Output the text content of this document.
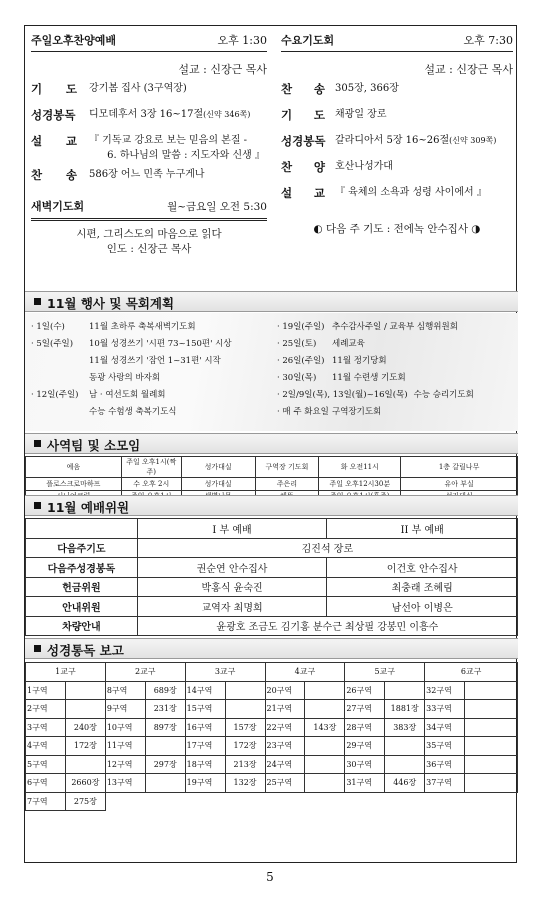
주일오후찬양예배	오후 1:30
설교 : 신장근 목사
기 도	강기봄 집사 (3구역장)
성경봉독	디모데후서 3장 16~17절(신약 346쪽)
설 교 『 기독교 강요로 보는 믿음의 본질 -
6. 하나님의 말씀 : 지도자와 신생 』
찬 송	586장 어느 민족 누구게나
새벽기도회	월~금요일 오전 5:30
시편, 그리스도의 마음으로 읽다
인도 : 신장근 목사
수요기도회	오후 7:30
설교 : 신장근 목사
찬 송	305장, 366장
기 도	채광일 장로
성경봉독 갈라디아서 5장 16~26절(신약 309쪽)
찬 양	호산나성가대
설 교	『 육체의 소욕과 성령 사이에서 』
◐ 다음 주 기도 : 전에녹 안수집사 ◑
11월 행사 및 목회계획
· 1일(수)	11월 초하루 축복새벽기도회
· 5일(주일) 10월 성경쓰기 '시편 73~150편' 시상
11월 성경쓰기 '잠언 1~31편' 시작
동광 사랑의 바자회
· 12일(주일) 남 · 여선도회 월례회
수능 수험생 축복기도식
· 19일(주일) 추수감사주일 / 교육부 심행위원회
· 25일(토) 세례교육
· 26일(주일) 11월 정기당회
· 30일(목) 11월 수련생 기도회
· 2일/9일(목), 13일(월)~16일(목) 수능 승리기도회
· 매 주 화요일 구역장기도회
사역팀 및 소모임
예음	주일 오후1시(짝주)	성가대실	구역장 기도회	화 오전11시	1층 갈릴나무
플로스크로마하프	수 오후 2시	성가대실	주은리	주일 오후12시30분	유아 부실

11월 예배위원
	I 부 예배	II 부 예배
다음주기도	김진석 장로	
다음주성경봉독	권순연 안수집사	이건호 안수집사
헌금위원	박홍식 윤숙진	최충래 조혜림
안내위원	교역자 최명희	남선아 이병은
차량안내	윤광호 조금도 김기홍 분수근 최상필 강봉민 이흥수	
성경통독 보고
1교구		2교구		3교구		4교구		5교구		6교구	
1구역		8구역	689장	14구역		20구역		26구역		32구역	
2구역		9구역	231장	15구역		21구역		27구역	1881장	33구역	
3구역	240장	10구역	897장	16구역	157장	22구역	143장	28구역	383장	34구역	
4구역	172장	11구역		17구역	172장	23구역		29구역		35구역	
5구역		12구역	297장	18구역	213장	24구역		30구역		36구역	
6구역	2660장	13구역		19구역	132장	25구역		31구역	446장	37구역	
7구역	275장										
5
